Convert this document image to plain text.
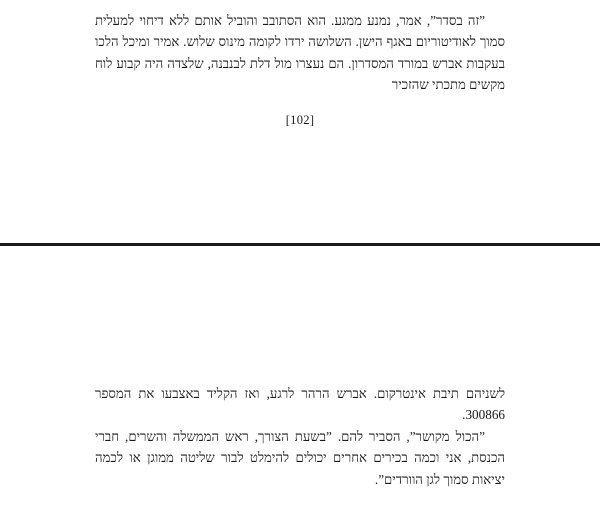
”זה בסדר”, אמר, נמנע ממגע. הוא הסתובב והוביל אותם ללא דיחוי למעלית סמוך לאודיטוריום באגף הישן. השלושה ירדו לקומה מינוס שלוש. אמיר ומיכל הלכו בעקבות אברש במורד המסדרון. הם נעצרו מול דלת לבנבנה, שלצדה היה קבוע לוח מקשים מתכתי שהזכיר

[102]

לשניהם תיבת אינטרקום. אברש הרהר לרגע, ואז הקליד באצבעו את המספר 300866.

”הכול מקושר”, הסביר להם. ”בשעת הצורך, ראש הממשלה והשרים, חברי הכנסת, אני וכמה בכירים אחרים יכולים להימלט לבור שליטה ממוגן או לכמה יציאות סמוך לגן הוורדים”.
